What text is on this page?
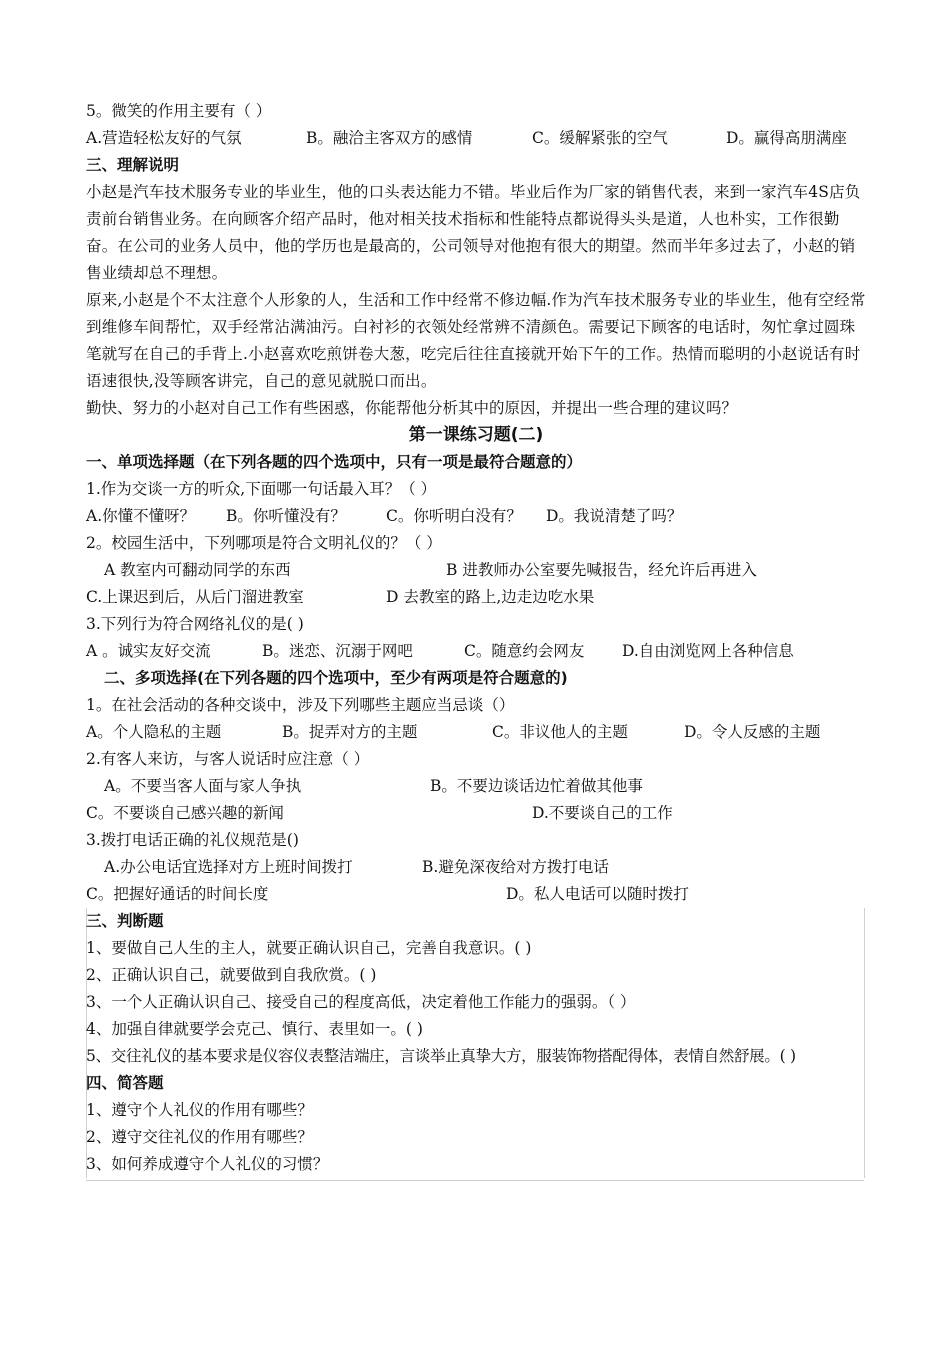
5。微笑的作用主要有（ ）
A.营造轻松友好的气氛	B。融洽主客双方的感情	C。缓解紧张的空气	D。赢得高朋满座
三、理解说明
小赵是汽车技术服务专业的毕业生，他的口头表达能力不错。毕业后作为厂家的销售代表，来到一家汽车4S店负责前台销售业务。在向顾客介绍产品时，他对相关技术指标和性能特点都说得头头是道，人也朴实，工作很勤奋。在公司的业务人员中，他的学历也是最高的，公司领导对他抱有很大的期望。然而半年多过去了，小赵的销售业绩却总不理想。
原来,小赵是个不太注意个人形象的人，生活和工作中经常不修边幅.作为汽车技术服务专业的毕业生，他有空经常到维修车间帮忙，双手经常沾满油污。白衬衫的衣领处经常辨不清颜色。需要记下顾客的电话时，匆忙拿过圆珠笔就写在自己的手背上.小赵喜欢吃煎饼卷大葱，吃完后往往直接就开始下午的工作。热情而聪明的小赵说话有时语速很快,没等顾客讲完，自己的意见就脱口而出。
勤快、努力的小赵对自己工作有些困惑，你能帮他分析其中的原因，并提出一些合理的建议吗？
第一课练习题(二)
一、单项选择题（在下列各题的四个选项中，只有一项是最符合题意的）
1.作为交谈一方的听众,下面哪一句话最入耳？（ ）
A.你懂不懂呀？	B。你听懂没有？	C。你听明白没有？	D。我说清楚了吗？
2。校园生活中，下列哪项是符合文明礼仪的？（ ）
A 教室内可翻动同学的东西	B 进教师办公室要先喊报告，经允许后再进入
C.上课迟到后，从后门溜进教室	D 去教室的路上,边走边吃水果
3.下列行为符合网络礼仪的是( )
A 。诚实友好交流	B。迷恋、沉溺于网吧	C。随意约会网友	D.自由浏览网上各种信息
二、多项选择(在下列各题的四个选项中，至少有两项是符合题意的)
1。在社会活动的各种交谈中，涉及下列哪些主题应当忌谈（）
A。个人隐私的主题	B。捉弄对方的主题	C。非议他人的主题	D。令人反感的主题
2.有客人来访，与客人说话时应注意（ ）
A。不要当客人面与家人争执	B。不要边谈话边忙着做其他事
C。不要谈自己感兴趣的新闻	D.不要谈自己的工作
3.拨打电话正确的礼仪规范是()
A.办公电话宜选择对方上班时间拨打	B.避免深夜给对方拨打电话
C。把握好通话的时间长度	D。私人电话可以随时拨打
三、判断题
1、要做自己人生的主人，就要正确认识自己，完善自我意识。( )
2、正确认识自己，就要做到自我欣赏。( )
3、一个人正确认识自己、接受自己的程度高低，决定着他工作能力的强弱。（ ）
4、加强自律就要学会克己、慎行、表里如一。( )
5、交往礼仪的基本要求是仪容仪表整洁端庄，言谈举止真挚大方，服装饰物搭配得体，表情自然舒展。( )
四、简答题
1、遵守个人礼仪的作用有哪些？
2、遵守交往礼仪的作用有哪些？
3、如何养成遵守个人礼仪的习惯？
